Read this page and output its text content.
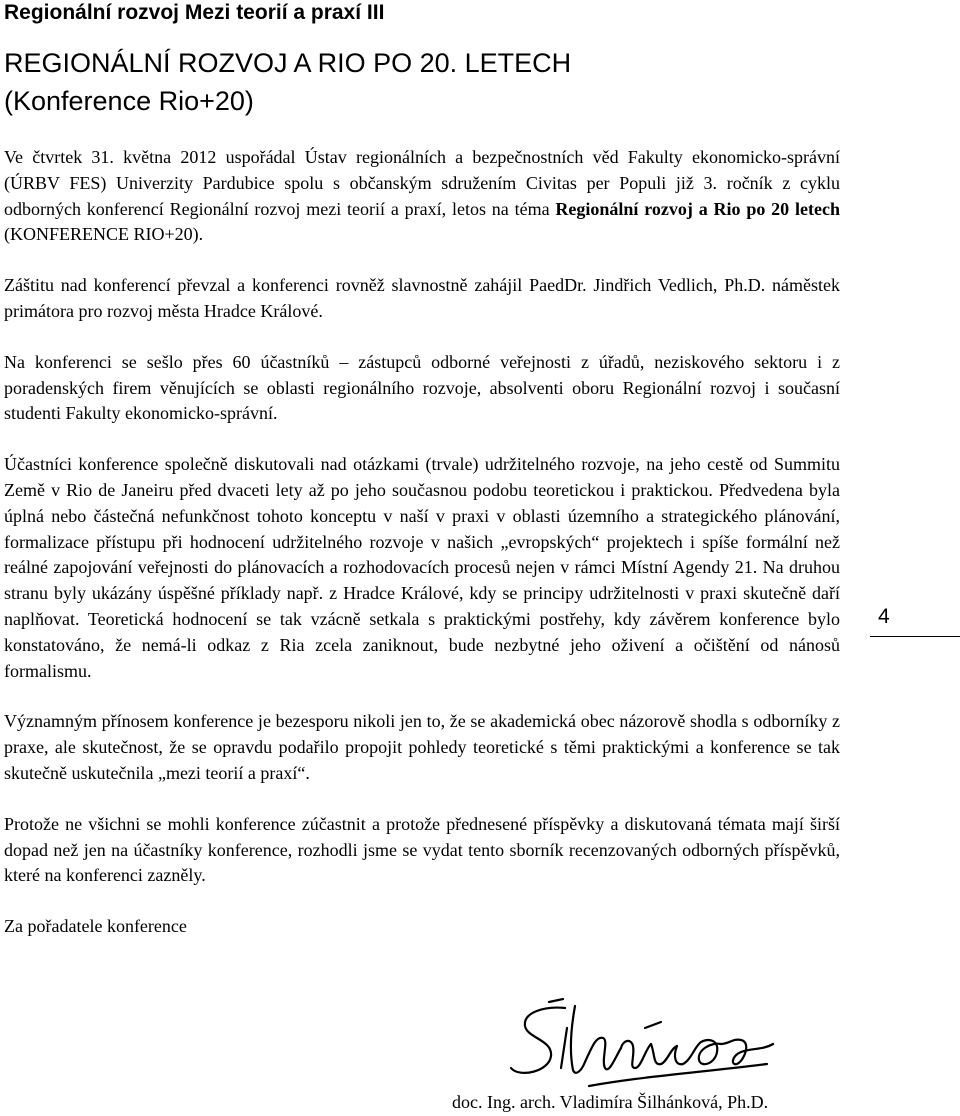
Regionální rozvoj Mezi teorií a praxí III
REGIONÁLNÍ ROZVOJ A RIO PO 20. LETECH
(Konference Rio+20)

Ve čtvrtek 31. května 2012 uspořádal Ústav regionálních a bezpečnostních věd Fakulty ekonomicko-správní (ÚRBV FES) Univerzity Pardubice spolu s občanským sdružením Civitas per Populi již 3. ročník z cyklu odborných konferencí Regionální rozvoj mezi teorií a praxí, letos na téma Regionální rozvoj a Rio po 20 letech (KONFERENCE RIO+20).

Záštitu nad konferencí převzal a konferenci rovněž slavnostně zahájil PaedDr. Jindřich Vedlich, Ph.D. náměstek primátora pro rozvoj města Hradce Králové.

Na konferenci se sešlo přes 60 účastníků – zástupců odborné veřejnosti z úřadů, neziskového sektoru i z poradenských firem věnujících se oblasti regionálního rozvoje, absolventi oboru Regionální rozvoj i současní studenti Fakulty ekonomicko-správní.

Účastníci konference společně diskutovali nad otázkami (trvale) udržitelného rozvoje, na jeho cestě od Summitu Země v Rio de Janeiru před dvaceti lety až po jeho současnou podobu teoretickou i praktickou. Předvedena byla úplná nebo částečná nefunkčnost tohoto konceptu v naší v praxi v oblasti územního a strategického plánování, formalizace přístupu při hodnocení udržitelného rozvoje v našich „evropských“ projektech i spíše formální než reálné zapojování veřejnosti do plánovacích a rozhodovacích procesů nejen v rámci Místní Agendy 21. Na druhou stranu byly ukázány úspěšné příklady např. z Hradce Králové, kdy se principy udržitelnosti v praxi skutečně daří naplňovat. Teoretická hodnocení se tak vzácně setkala s praktickými postřehy, kdy závěrem konference bylo konstatováno, že nemá-li odkaz z Ria zcela zaniknout, bude nezbytné jeho oživení a očištění od nánosů formalismu.

Významným přínosem konference je bezesporu nikoli jen to, že se akademická obec názorově shodla s odborníky z praxe, ale skutečnost, že se opravdu podařilo propojit pohledy teoretické s těmi praktickými a konference se tak skutečně uskutečnila „mezi teorií a praxí“.

Protože ne všichni se mohli konference zúčastnit a protože přednesené příspěvky a diskutovaná témata mají širší dopad než jen na účastníky konference, rozhodli jsme se vydat tento sborník recenzovaných odborných příspěvků, které na konferenci zazněly.

Za pořadatele konference

4
doc. Ing. arch. Vladimíra Šilhánková, Ph.D.
